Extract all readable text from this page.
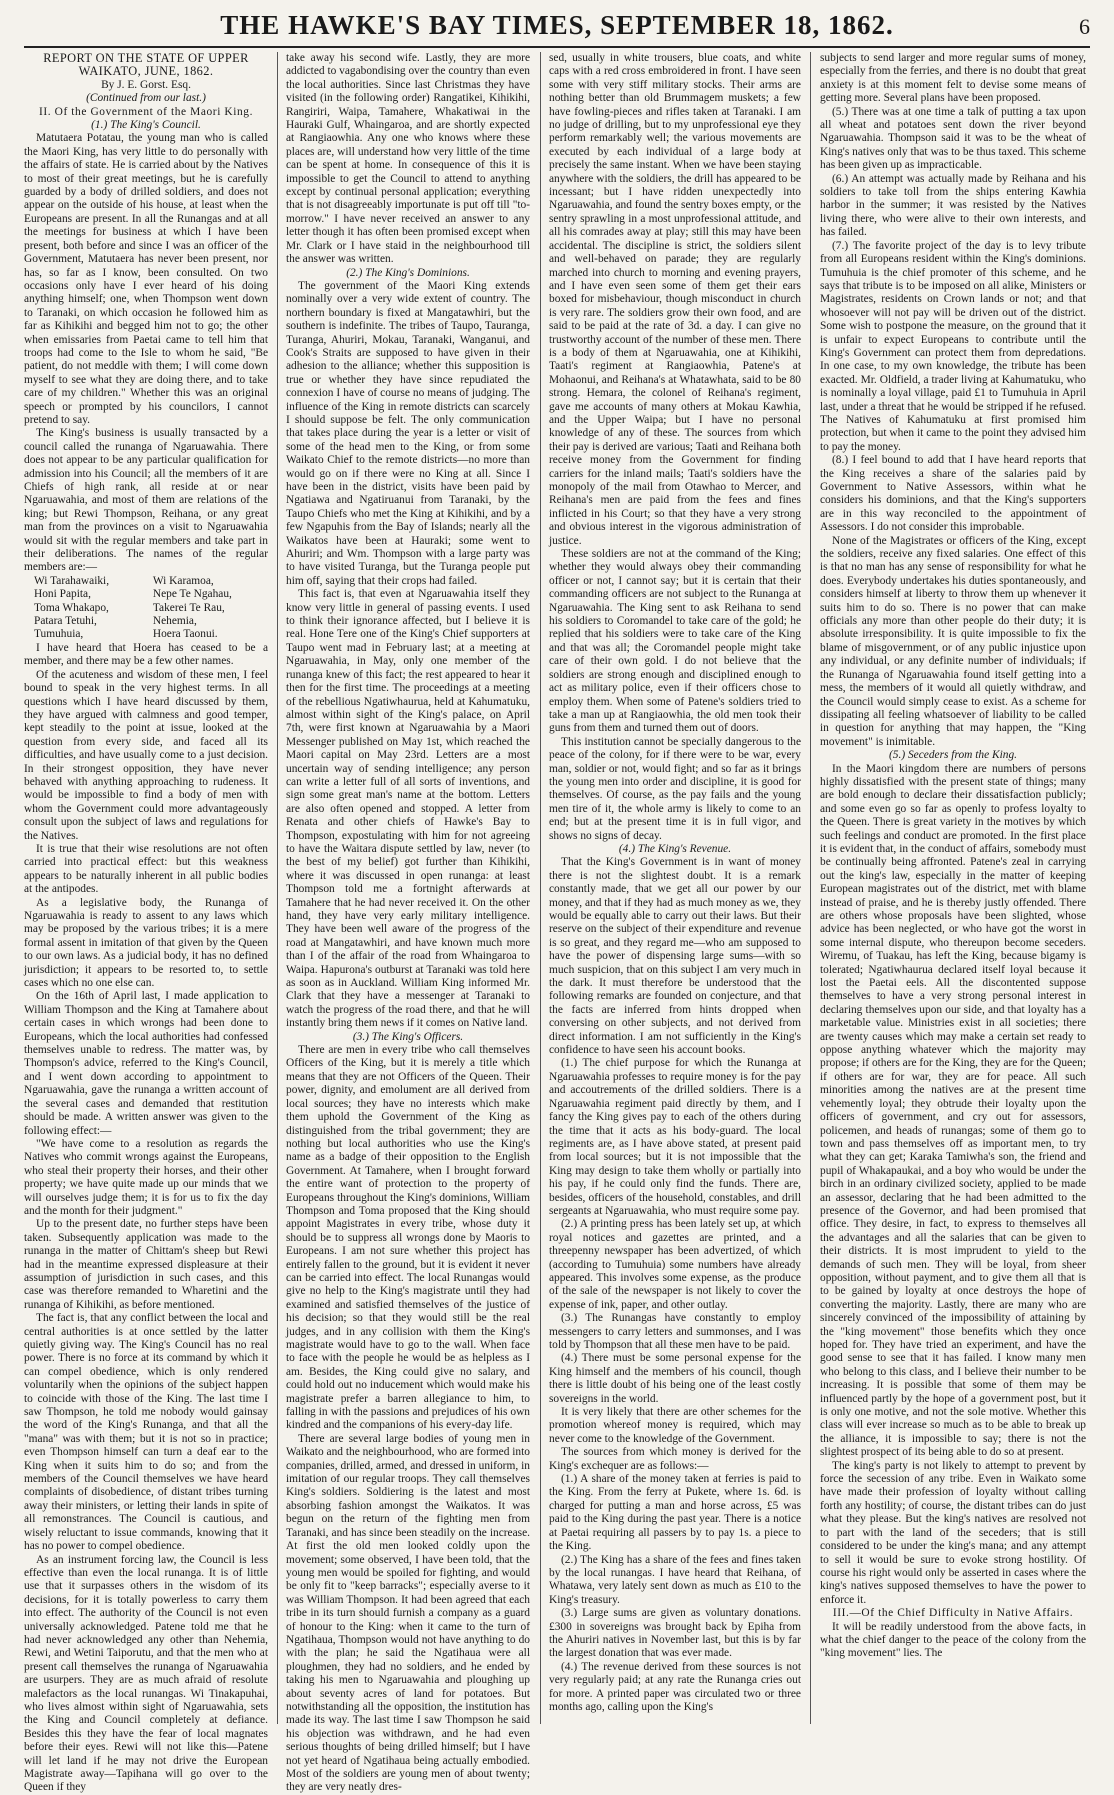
THE HAWKE'S BAY TIMES, SEPTEMBER 18, 1862.	6

REPORT ON THE STATE OF UPPER WAIKATO, JUNE, 1862.

By J. E. Gorst. Esq.

(Continued from our last.)

II. Of the Government of the Maori King.

(1.) The King's Council.

Matutaera Potatau, the young man who is called the Maori King, has very little to do personally with the affairs of state. He is carried about by the Natives to most of their great meetings, but he is carefully guarded by a body of drilled soldiers, and does not appear on the outside of his house, at least when the Europeans are present. In all the Runangas and at all the meetings for business at which I have been present, both before and since I was an officer of the Government, Matutaera has never been present, nor has, so far as I know, been consulted. On two occasions only have I ever heard of his doing anything himself; one, when Thompson went down to Taranaki, on which occasion he followed him as far as Kihikihi and begged him not to go; the other when emissaries from Paetai came to tell him that troops had come to the Isle to whom he said, "Be patient, do not meddle with them; I will come down myself to see what they are doing there, and to take care of my children." Whether this was an original speech or prompted by his councilors, I cannot pretend to say.

The King's business is usually transacted by a council called the runanga of Ngaruawahia. There does not appear to be any particular qualification for admission into his Council; all the members of it are Chiefs of high rank, all reside at or near Ngaruawahia, and most of them are relations of the king; but Rewi Thompson, Reihana, or any great man from the provinces on a visit to Ngaruawahia would sit with the regular members and take part in their deliberations. The names of the regular members are:—

Wi Tarahawaiki,	Wi Karamoa,
Honi Papita,	Nepe Te Ngahau,
Toma Whakapo,	Takerei Te Rau,
Patara Tetuhi,	Nehemia,
Tumuhuia,	Hoera Taonui.

I have heard that Hoera has ceased to be a member, and there may be a few other names.

Of the acuteness and wisdom of these men, I feel bound to speak in the very highest terms. In all questions which I have heard discussed by them, they have argued with calmness and good temper, kept steadily to the point at issue, looked at the question from every side, and faced all its difficulties, and have usually come to a just decision. In their strongest opposition, they have never behaved with anything approaching to rudeness. It would be impossible to find a body of men with whom the Government could more advantageously consult upon the subject of laws and regulations for the Natives.

It is true that their wise resolutions are not often carried into practical effect: but this weakness appears to be naturally inherent in all public bodies at the antipodes.

As a legislative body, the Runanga of Ngaruawahia is ready to assent to any laws which may be proposed by the various tribes; it is a mere formal assent in imitation of that given by the Queen to our own laws. As a judicial body, it has no defined jurisdiction; it appears to be resorted to, to settle cases which no one else can.

On the 16th of April last, I made application to William Thompson and the King at Tamahere about certain cases in which wrongs had been done to Europeans, which the local authorities had confessed themselves unable to redress. The matter was, by Thompson's advice, referred to the King's Council, and I went down according to appointment to Ngaruawahia, gave the runanga a written account of the several cases and demanded that restitution should be made. A written answer was given to the following effect:—

"We have come to a resolution as regards the Natives who commit wrongs against the Europeans, who steal their property their horses, and their other property; we have quite made up our minds that we will ourselves judge them; it is for us to fix the day and the month for their judgment."

Up to the present date, no further steps have been taken. Subsequently application was made to the runanga in the matter of Chittam's sheep but Rewi had in the meantime expressed displeasure at their assumption of jurisdiction in such cases, and this case was therefore remanded to Wharetini and the runanga of Kihikihi, as before mentioned.

The fact is, that any conflict between the local and central authorities is at once settled by the latter quietly giving way. The King's Council has no real power. There is no force at its command by which it can compel obedience, which is only rendered voluntarily when the opinions of the subject happen to coincide with those of the King. The last time I saw Thompson, he told me nobody would gainsay the word of the King's Runanga, and that all the "mana" was with them; but it is not so in practice; even Thompson himself can turn a deaf ear to the King when it suits him to do so; and from the members of the Council themselves we have heard complaints of disobedience, of distant tribes turning away their ministers, or letting their lands in spite of all remonstrances. The Council is cautious, and wisely reluctant to issue commands, knowing that it has no power to compel obedience.

As an instrument forcing law, the Council is less effective than even the local runanga. It is of little use that it surpasses others in the wisdom of its decisions, for it is totally powerless to carry them into effect. The authority of the Council is not even universally acknowledged. Patene told me that he had never acknowledged any other than Nehemia, Rewi, and Wetini Taiporutu, and that the men who at present call themselves the runanga of Ngaruawahia are usurpers. They are as much afraid of resolute malefactors as the local runangas. Wi Tinakapuhai, who lives almost within sight of Ngaruawahia, sets the King and Council completely at defiance. Besides this they have the fear of local magnates before their eyes. Rewi will not like this—Patene will let land if he may not drive the European Magistrate away—Tapihana will go over to the Queen if they

take away his second wife. Lastly, they are more addicted to vagabondising over the country than even the local authorities. Since last Christmas they have visited (in the following order) Rangatikei, Kihikihi, Rangiriri, Waipa, Tamahere, Whakatiwai in the Hauraki Gulf, Whaingaroa, and are shortly expected at Rangiaowhia. Any one who knows where these places are, will understand how very little of the time can be spent at home. In consequence of this it is impossible to get the Council to attend to anything except by continual personal application; everything that is not disagreeably importunate is put off till "to-morrow." I have never received an answer to any letter though it has often been promised except when Mr. Clark or I have staid in the neighbourhood till the answer was written.

(2.) The King's Dominions.

The government of the Maori King extends nominally over a very wide extent of country. The northern boundary is fixed at Mangatawhiri, but the southern is indefinite. The tribes of Taupo, Tauranga, Turanga, Ahuriri, Mokau, Taranaki, Wanganui, and Cook's Straits are supposed to have given in their adhesion to the alliance; whether this supposition is true or whether they have since repudiated the connexion I have of course no means of judging. The influence of the King in remote districts can scarcely I should suppose be felt. The only communication that takes place during the year is a letter or visit of some of the head men to the King, or from some Waikato Chief to the remote districts—no more than would go on if there were no King at all. Since I have been in the district, visits have been paid by Ngatiawa and Ngatiruanui from Taranaki, by the Taupo Chiefs who met the King at Kihikihi, and by a few Ngapuhis from the Bay of Islands; nearly all the Waikatos have been at Hauraki; some went to Ahuriri; and Wm. Thompson with a large party was to have visited Turanga, but the Turanga people put him off, saying that their crops had failed.

This fact is, that even at Ngaruawahia itself they know very little in general of passing events. I used to think their ignorance affected, but I believe it is real. Hone Tere one of the King's Chief supporters at Taupo went mad in February last; at a meeting at Ngaruawahia, in May, only one member of the runanga knew of this fact; the rest appeared to hear it then for the first time. The proceedings at a meeting of the rebellious Ngatiwhaurua, held at Kahumatuku, almost within sight of the King's palace, on April 7th, were first known at Ngaruawahia by a Maori Messenger published on May 1st, which reached the Maori capital on May 23rd. Letters are a most uncertain way of sending intelligence; any person can write a letter full of all sorts of inventions, and sign some great man's name at the bottom. Letters are also often opened and stopped. A letter from Renata and other chiefs of Hawke's Bay to Thompson, expostulating with him for not agreeing to have the Waitara dispute settled by law, never (to the best of my belief) got further than Kihikihi, where it was discussed in open runanga: at least Thompson told me a fortnight afterwards at Tamahere that he had never received it. On the other hand, they have very early military intelligence. They have been well aware of the progress of the road at Mangatawhiri, and have known much more than I of the affair of the road from Whaingaroa to Waipa. Hapurona's outburst at Taranaki was told here as soon as in Auckland. William King informed Mr. Clark that they have a messenger at Taranaki to watch the progress of the road there, and that he will instantly bring them news if it comes on Native land.

(3.) The King's Officers.

There are men in every tribe who call themselves Officers of the King, but it is merely a title which means that they are not Officers of the Queen. Their power, dignity, and emolument are all derived from local sources; they have no interests which make them uphold the Government of the King as distinguished from the tribal government; they are nothing but local authorities who use the King's name as a badge of their opposition to the English Government. At Tamahere, when I brought forward the entire want of protection to the property of Europeans throughout the King's dominions, William Thompson and Toma proposed that the King should appoint Magistrates in every tribe, whose duty it should be to suppress all wrongs done by Maoris to Europeans. I am not sure whether this project has entirely fallen to the ground, but it is evident it never can be carried into effect. The local Runangas would give no help to the King's magistrate until they had examined and satisfied themselves of the justice of his decision; so that they would still be the real judges, and in any collision with them the King's magistrate would have to go to the wall. When face to face with the people he would be as helpless as I am. Besides, the King could give no salary, and could hold out no inducement which would make his magistrate prefer a barren allegiance to him, to falling in with the passions and prejudices of his own kindred and the companions of his every-day life.

There are several large bodies of young men in Waikato and the neighbourhood, who are formed into companies, drilled, armed, and dressed in uniform, in imitation of our regular troops. They call themselves King's soldiers. Soldiering is the latest and most absorbing fashion amongst the Waikatos. It was begun on the return of the fighting men from Taranaki, and has since been steadily on the increase. At first the old men looked coldly upon the movement; some observed, I have been told, that the young men would be spoiled for fighting, and would be only fit to "keep barracks"; especially averse to it was William Thompson. It had been agreed that each tribe in its turn should furnish a company as a guard of honour to the King: when it came to the turn of Ngatihaua, Thompson would not have anything to do with the plan; he said the Ngatihaua were all ploughmen, they had no soldiers, and he ended by taking his men to Ngaruawahia and ploughing up about seventy acres of land for potatoes. But notwithstanding all the opposition, the institution has made its way. The last time I saw Thompson he said his objection was withdrawn, and he had even serious thoughts of being drilled himself; but I have not yet heard of Ngatihaua being actually embodied. Most of the soldiers are young men of about twenty; they are very neatly dres-

sed, usually in white trousers, blue coats, and white caps with a red cross embroidered in front. I have seen some with very stiff military stocks. Their arms are nothing better than old Brummagem muskets; a few have fowling-pieces and rifles taken at Taranaki. I am no judge of drilling, but to my unprofessional eye they perform remarkably well; the various movements are executed by each individual of a large body at precisely the same instant. When we have been staying anywhere with the soldiers, the drill has appeared to be incessant; but I have ridden unexpectedly into Ngaruawahia, and found the sentry boxes empty, or the sentry sprawling in a most unprofessional attitude, and all his comrades away at play; still this may have been accidental. The discipline is strict, the soldiers silent and well-behaved on parade; they are regularly marched into church to morning and evening prayers, and I have even seen some of them get their ears boxed for misbehaviour, though misconduct in church is very rare. The soldiers grow their own food, and are said to be paid at the rate of 3d. a day. I can give no trustworthy account of the number of these men. There is a body of them at Ngaruawahia, one at Kihikihi, Taati's regiment at Rangiaowhia, Patene's at Mohaonui, and Reihana's at Whatawhata, said to be 80 strong. Hemara, the colonel of Reihana's regiment, gave me accounts of many others at Mokau Kawhia, and the Upper Waipa; but I have no personal knowledge of any of these. The sources from which their pay is derived are various; Taati and Reihana both receive money from the Government for finding carriers for the inland mails; Taati's soldiers have the monopoly of the mail from Otawhao to Mercer, and Reihana's men are paid from the fees and fines inflicted in his Court; so that they have a very strong and obvious interest in the vigorous administration of justice.

These soldiers are not at the command of the King; whether they would always obey their commanding officer or not, I cannot say; but it is certain that their commanding officers are not subject to the Runanga at Ngaruawahia. The King sent to ask Reihana to send his soldiers to Coromandel to take care of the gold; he replied that his soldiers were to take care of the King and that was all; the Coromandel people might take care of their own gold. I do not believe that the soldiers are strong enough and disciplined enough to act as military police, even if their officers chose to employ them. When some of Patene's soldiers tried to take a man up at Rangiaowhia, the old men took their guns from them and turned them out of doors.

This institution cannot be specially dangerous to the peace of the colony, for if there were to be war, every man, soldier or not, would fight; and so far as it brings the young men into order and discipline, it is good for themselves. Of course, as the pay fails and the young men tire of it, the whole army is likely to come to an end; but at the present time it is in full vigor, and shows no signs of decay.

(4.) The King's Revenue.

That the King's Government is in want of money there is not the slightest doubt. It is a remark constantly made, that we get all our power by our money, and that if they had as much money as we, they would be equally able to carry out their laws. But their reserve on the subject of their expenditure and revenue is so great, and they regard me—who am supposed to have the power of dispensing large sums—with so much suspicion, that on this subject I am very much in the dark. It must therefore be understood that the following remarks are founded on conjecture, and that the facts are inferred from hints dropped when conversing on other subjects, and not derived from direct information. I am not sufficiently in the King's confidence to have seen his account books.

(1.) The chief purpose for which the Runanga at Ngaruawahia professes to require money is for the pay and accoutrements of the drilled soldiers. There is a Ngaruawahia regiment paid directly by them, and I fancy the King gives pay to each of the others during the time that it acts as his body-guard. The local regiments are, as I have above stated, at present paid from local sources; but it is not impossible that the King may design to take them wholly or partially into his pay, if he could only find the funds. There are, besides, officers of the household, constables, and drill sergeants at Ngaruawahia, who must require some pay.

(2.) A printing press has been lately set up, at which royal notices and gazettes are printed, and a threepenny newspaper has been advertized, of which (according to Tumuhuia) some numbers have already appeared. This involves some expense, as the produce of the sale of the newspaper is not likely to cover the expense of ink, paper, and other outlay.

(3.) The Runangas have constantly to employ messengers to carry letters and summonses, and I was told by Thompson that all these men have to be paid.

(4.) There must be some personal expense for the King himself and the members of his council, though there is little doubt of his being one of the least costly sovereigns in the world.

It is very likely that there are other schemes for the promotion whereof money is required, which may never come to the knowledge of the Government.

The sources from which money is derived for the King's exchequer are as follows:—

(1.) A share of the money taken at ferries is paid to the King. From the ferry at Pukete, where 1s. 6d. is charged for putting a man and horse across, £5 was paid to the King during the past year. There is a notice at Paetai requiring all passers by to pay 1s. a piece to the King.

(2.) The King has a share of the fees and fines taken by the local runangas. I have heard that Reihana, of Whatawa, very lately sent down as much as £10 to the King's treasury.

(3.) Large sums are given as voluntary donations. £300 in sovereigns was brought back by Epiha from the Ahuriri natives in November last, but this is by far the largest donation that was ever made.

(4.) The revenue derived from these sources is not very regularly paid; at any rate the Runanga cries out for more. A printed paper was circulated two or three months ago, calling upon the King's

subjects to send larger and more regular sums of money, especially from the ferries, and there is no doubt that great anxiety is at this moment felt to devise some means of getting more. Several plans have been proposed.

(5.) There was at one time a talk of putting a tax upon all wheat and potatoes sent down the river beyond Ngaruawahia. Thompson said it was to be the wheat of King's natives only that was to be thus taxed. This scheme has been given up as impracticable.

(6.) An attempt was actually made by Reihana and his soldiers to take toll from the ships entering Kawhia harbor in the summer; it was resisted by the Natives living there, who were alive to their own interests, and has failed.

(7.) The favorite project of the day is to levy tribute from all Europeans resident within the King's dominions. Tumuhuia is the chief promoter of this scheme, and he says that tribute is to be imposed on all alike, Ministers or Magistrates, residents on Crown lands or not; and that whosoever will not pay will be driven out of the district. Some wish to postpone the measure, on the ground that it is unfair to expect Europeans to contribute until the King's Government can protect them from depredations. In one case, to my own knowledge, the tribute has been exacted. Mr. Oldfield, a trader living at Kahumatuku, who is nominally a loyal village, paid £1 to Tumuhuia in April last, under a threat that he would be stripped if he refused. The Natives of Kahumatuku at first promised him protection, but when it came to the point they advised him to pay the money.

(8.) I feel bound to add that I have heard reports that the King receives a share of the salaries paid by Government to Native Assessors, within what he considers his dominions, and that the King's supporters are in this way reconciled to the appointment of Assessors. I do not consider this improbable.

None of the Magistrates or officers of the King, except the soldiers, receive any fixed salaries. One effect of this is that no man has any sense of responsibility for what he does. Everybody undertakes his duties spontaneously, and considers himself at liberty to throw them up whenever it suits him to do so. There is no power that can make officials any more than other people do their duty; it is absolute irresponsibility. It is quite impossible to fix the blame of misgovernment, or of any public injustice upon any individual, or any definite number of individuals; if the Runanga of Ngaruawahia found itself getting into a mess, the members of it would all quietly withdraw, and the Council would simply cease to exist. As a scheme for dissipating all feeling whatsoever of liability to be called in question for anything that may happen, the "King movement" is inimitable.

(5.) Seceders from the King.

In the Maori kingdom there are numbers of persons highly dissatisfied with the present state of things; many are bold enough to declare their dissatisfaction publicly; and some even go so far as openly to profess loyalty to the Queen. There is great variety in the motives by which such feelings and conduct are promoted. In the first place it is evident that, in the conduct of affairs, somebody must be continually being affronted. Patene's zeal in carrying out the king's law, especially in the matter of keeping European magistrates out of the district, met with blame instead of praise, and he is thereby justly offended. There are others whose proposals have been slighted, whose advice has been neglected, or who have got the worst in some internal dispute, who thereupon become seceders. Wiremu, of Tuakau, has left the King, because bigamy is tolerated; Ngatiwhaurua declared itself loyal because it lost the Paetai eels. All the discontented suppose themselves to have a very strong personal interest in declaring themselves upon our side, and that loyalty has a marketable value. Ministries exist in all societies; there are twenty causes which may make a certain set ready to oppose anything whatever which the majority may propose; if others are for the King, they are for the Queen; if others are for war, they are for peace. All such minorities among the natives are at the present time vehemently loyal; they obtrude their loyalty upon the officers of government, and cry out for assessors, policemen, and heads of runangas; some of them go to town and pass themselves off as important men, to try what they can get; Karaka Tamiwha's son, the friend and pupil of Whakapaukai, and a boy who would be under the birch in an ordinary civilized society, applied to be made an assessor, declaring that he had been admitted to the presence of the Governor, and had been promised that office. They desire, in fact, to express to themselves all the advantages and all the salaries that can be given to their districts. It is most imprudent to yield to the demands of such men. They will be loyal, from sheer opposition, without payment, and to give them all that is to be gained by loyalty at once destroys the hope of converting the majority. Lastly, there are many who are sincerely convinced of the impossibility of attaining by the "king movement" those benefits which they once hoped for. They have tried an experiment, and have the good sense to see that it has failed. I know many men who belong to this class, and I believe their number to be increasing. It is possible that some of them may be influenced partly by the hope of a government post, but it is only one motive, and not the sole motive. Whether this class will ever increase so much as to be able to break up the alliance, it is impossible to say; there is not the slightest prospect of its being able to do so at present.

The king's party is not likely to attempt to prevent by force the secession of any tribe. Even in Waikato some have made their profession of loyalty without calling forth any hostility; of course, the distant tribes can do just what they please. But the king's natives are resolved not to part with the land of the seceders; that is still considered to be under the king's mana; and any attempt to sell it would be sure to evoke strong hostility. Of course his right would only be asserted in cases where the king's natives supposed themselves to have the power to enforce it.

III.—Of the Chief Difficulty in Native Affairs.

It will be readily understood from the above facts, in what the chief danger to the peace of the colony from the "king movement" lies. The
